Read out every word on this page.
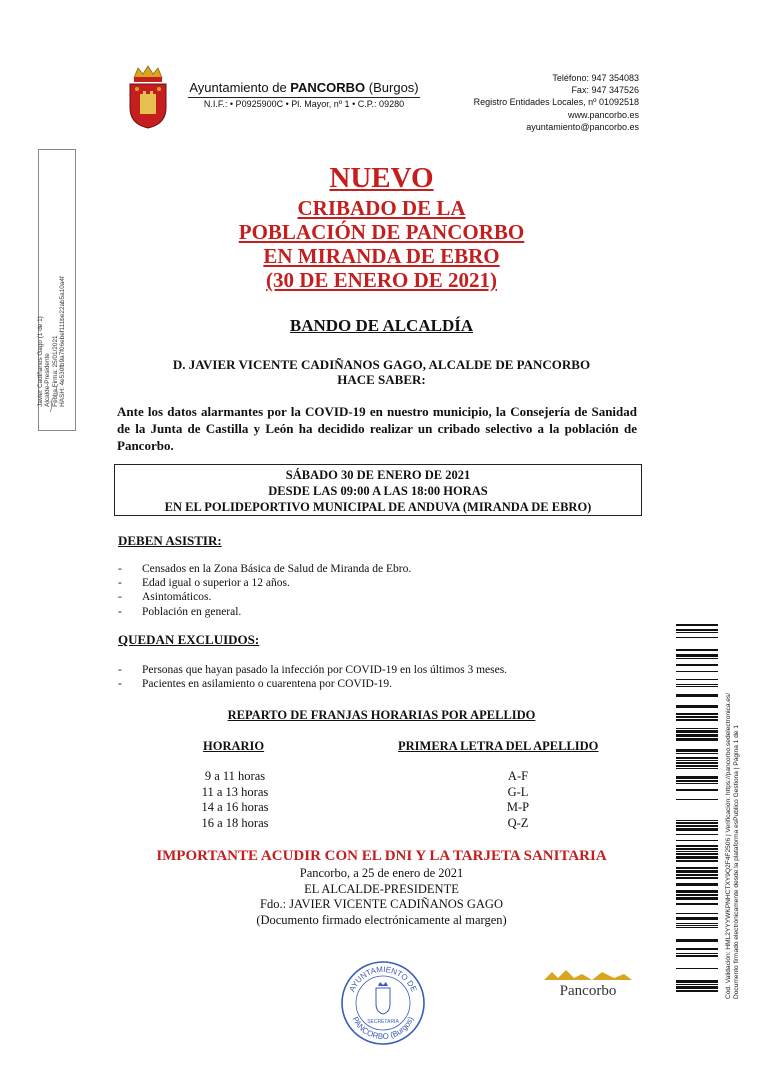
Ayuntamiento de PANCORBO (Burgos)
N.I.F.: • P0925900C • Pl. Mayor, nº 1 • C.P.: 09280
Teléfono: 947 354083
Fax: 947 347526
Registro Entidades Locales, nº 01092518
www.pancorbo.es
ayuntamiento@pancorbo.es
Javier Cadiñanos Gago (1 de 1) Alcalde-Presidente Fecha Firma: 25/01/2021 HASH: 4e530fb9a7f06ebef111be22ab5a10a4f
NUEVO
CRIBADO DE LA
POBLACIÓN DE PANCORBO
EN MIRANDA DE EBRO
(30 DE ENERO DE 2021)
BANDO DE ALCALDÍA
D. JAVIER VICENTE CADIÑANOS GAGO, ALCALDE DE PANCORBO
HACE SABER:
Ante los datos alarmantes por la COVID-19 en nuestro municipio, la Consejería de Sanidad de la Junta de Castilla y León ha decidido realizar un cribado selectivo a la población de Pancorbo.
SÁBADO 30 DE ENERO DE 2021
DESDE LAS 09:00 A LAS 18:00 HORAS
EN EL POLIDEPORTIVO MUNICIPAL DE ANDUVA (MIRANDA DE EBRO)
DEBEN ASISTIR:
- Censados en la Zona Básica de Salud de Miranda de Ebro.
- Edad igual o superior a 12 años.
- Asintomáticos.
- Población en general.
QUEDAN EXCLUIDOS:
- Personas que hayan pasado la infección por COVID-19 en los últimos 3 meses.
- Pacientes en asilamiento o cuarentena por COVID-19.
REPARTO DE FRANJAS HORARIAS POR APELLIDO
HORARIO	PRIMERA LETRA DEL APELLIDO
9 a 11 horas
11 a 13 horas
14 a 16 horas
16 a 18 horas
A-F
G-L
M-P
Q-Z
IMPORTANTE ACUDIR CON EL DNI Y LA TARJETA SANITARIA
Pancorbo, a 25 de enero de 2021
EL ALCALDE-PRESIDENTE
Fdo.: JAVIER VICENTE CADIÑANOS GAGO
(Documento firmado electrónicamente al margen)
AYUNTAMIENTO DE
PANCORBO (Burgos)
SECRETARIA
Pancorbo	Cód. Validación: HML2YYYWKPNHCTXY9Q2F4F2506 | Verificación: https://pancorbo.sedelectronica.es/ Documento firmado electrónicamente desde la plataforma esPublico Gestiona | Página 1 de 1
